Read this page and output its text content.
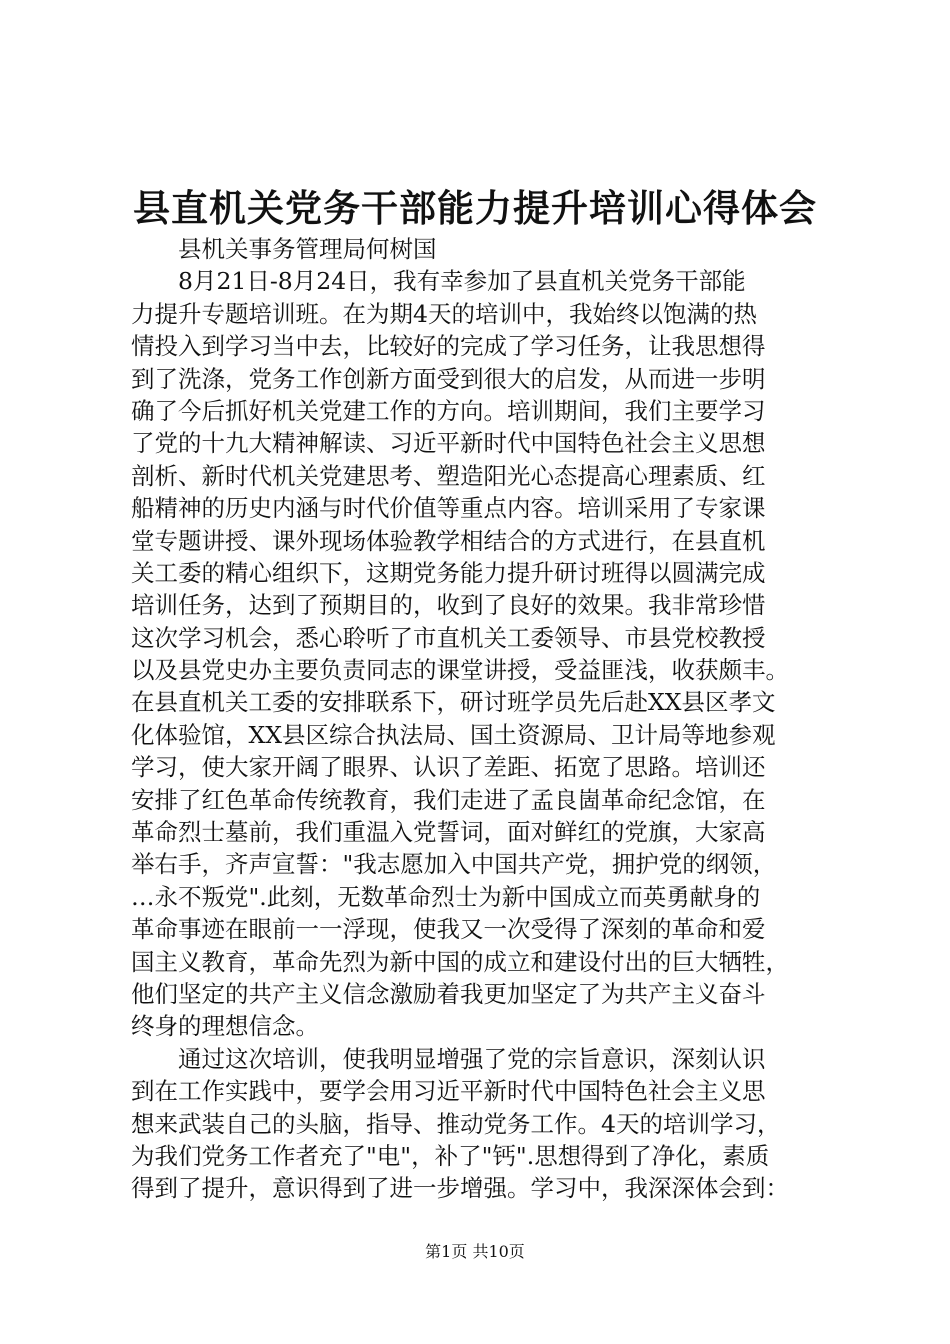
县直机关党务干部能力提升培训心得体会
　　县机关事务管理局何树国
　　8月21日-8月24日，我有幸参加了县直机关党务干部能
力提升专题培训班。在为期4天的培训中，我始终以饱满的热
情投入到学习当中去，比较好的完成了学习任务，让我思想得
到了洗涤，党务工作创新方面受到很大的启发，从而进一步明
确了今后抓好机关党建工作的方向。培训期间，我们主要学习
了党的十九大精神解读、习近平新时代中国特色社会主义思想
剖析、新时代机关党建思考、塑造阳光心态提高心理素质、红
船精神的历史内涵与时代价值等重点内容。培训采用了专家课
堂专题讲授、课外现场体验教学相结合的方式进行，在县直机
关工委的精心组织下，这期党务能力提升研讨班得以圆满完成
培训任务，达到了预期目的，收到了良好的效果。我非常珍惜
这次学习机会，悉心聆听了市直机关工委领导、市县党校教授
以及县党史办主要负责同志的课堂讲授，受益匪浅，收获颇丰。
在县直机关工委的安排联系下，研讨班学员先后赴XX县区孝文
化体验馆，XX县区综合执法局、国土资源局、卫计局等地参观
学习，使大家开阔了眼界、认识了差距、拓宽了思路。培训还
安排了红色革命传统教育，我们走进了孟良崮革命纪念馆，在
革命烈士墓前，我们重温入党誓词，面对鲜红的党旗，大家高
举右手，齐声宣誓："我志愿加入中国共产党，拥护党的纲领，
…永不叛党".此刻，无数革命烈士为新中国成立而英勇献身的
革命事迹在眼前一一浮现，使我又一次受得了深刻的革命和爱
国主义教育，革命先烈为新中国的成立和建设付出的巨大牺牲，
他们坚定的共产主义信念激励着我更加坚定了为共产主义奋斗
终身的理想信念。
　　通过这次培训，使我明显增强了党的宗旨意识，深刻认识
到在工作实践中，要学会用习近平新时代中国特色社会主义思
想来武装自己的头脑，指导、推动党务工作。4天的培训学习，
为我们党务工作者充了"电"，补了"钙".思想得到了净化，素质
得到了提升，意识得到了进一步增强。学习中，我深深体会到：
第1页 共10页
